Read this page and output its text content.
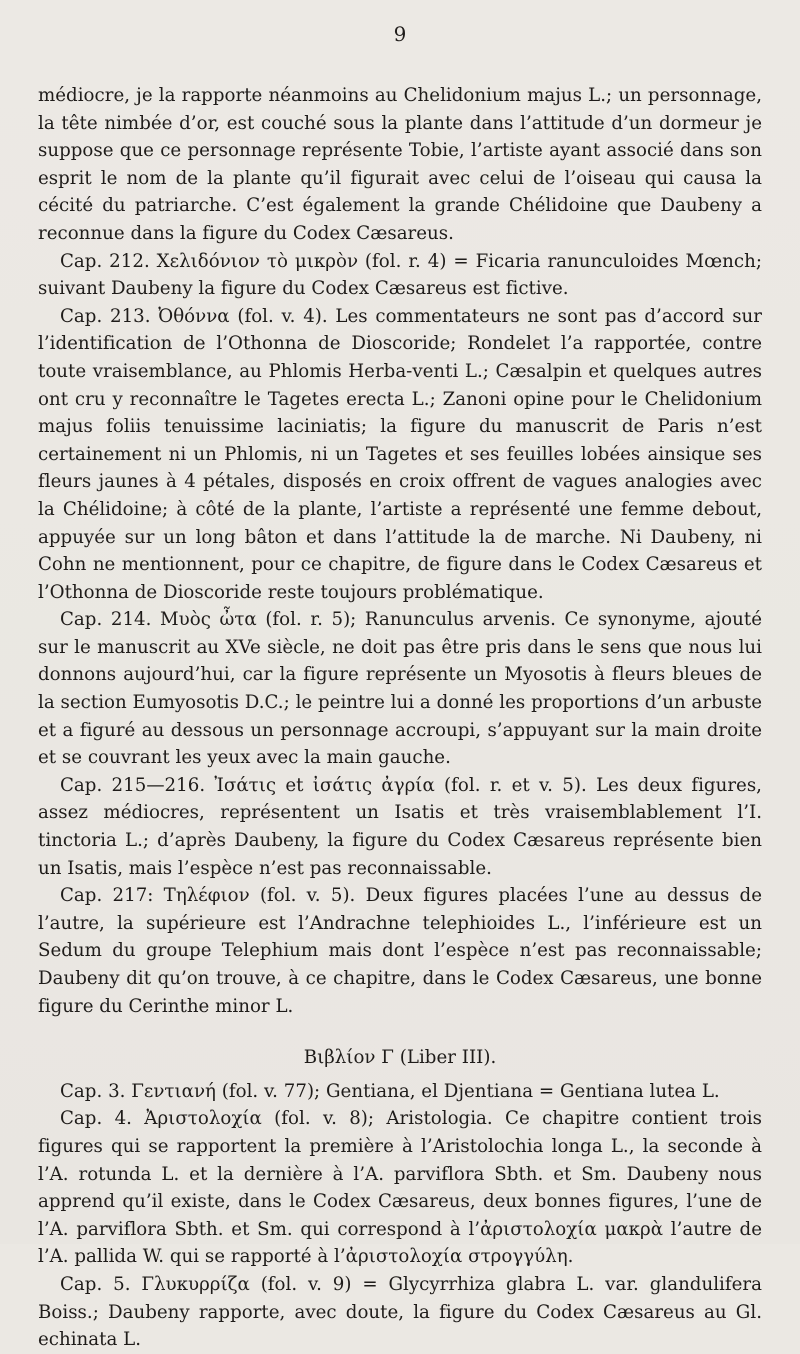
9

médiocre, je la rapporte néanmoins au Chelidonium majus L.; un personnage, la tête nimbée d’or, est couché sous la plante dans l’attitude d’un dormeur je suppose que ce personnage représente Tobie, l’artiste ayant associé dans son esprit le nom de la plante qu’il figurait avec celui de l’oiseau qui causa la cécité du patriarche. C’est également la grande Chélidoine que Daubeny a reconnue dans la figure du Codex Cæsareus.

Cap. 212. Χελιδόνιον τὸ μικρὸν (fol. r. 4) = Ficaria ranunculoides Mœnch; suivant Daubeny la figure du Codex Cæsareus est fictive.

Cap. 213. Ὀθόννα (fol. v. 4). Les commentateurs ne sont pas d’accord sur l’identification de l’Othonna de Dioscoride; Rondelet l’a rapportée, contre toute vraisemblance, au Phlomis Herba-venti L.; Cæsalpin et quelques autres ont cru y reconnaître le Tagetes erecta L.; Zanoni opine pour le Chelidonium majus foliis tenuissime laciniatis; la figure du manuscrit de Paris n’est certainement ni un Phlomis, ni un Tagetes et ses feuilles lobées ainsique ses fleurs jaunes à 4 pétales, disposés en croix offrent de vagues analogies avec la Chélidoine; à côté de la plante, l’artiste a représenté une femme debout, appuyée sur un long bâton et dans l’attitude la de marche. Ni Daubeny, ni Cohn ne mentionnent, pour ce chapitre, de figure dans le Codex Cæsareus et l’Othonna de Dioscoride reste toujours problématique.

Cap. 214. Μυὸς ὦτα (fol. r. 5); Ranunculus arvenis. Ce synonyme, ajouté sur le manuscrit au XVe siècle, ne doit pas être pris dans le sens que nous lui donnons aujourd’hui, car la figure représente un Myosotis à fleurs bleues de la section Eumyosotis D.C.; le peintre lui a donné les proportions d’un arbuste et a figuré au dessous un personnage accroupi, s’appuyant sur la main droite et se couvrant les yeux avec la main gauche.

Cap. 215—216. Ἰσάτις et ἰσάτις ἀγρία (fol. r. et v. 5). Les deux figures, assez médiocres, représentent un Isatis et très vraisemblablement l’I. tinctoria L.; d’après Daubeny, la figure du Codex Cæsareus représente bien un Isatis, mais l’espèce n’est pas reconnaissable.

Cap. 217: Τηλέφιον (fol. v. 5). Deux figures placées l’une au dessus de l’autre, la supérieure est l’Andrachne telephioides L., l’inférieure est un Sedum du groupe Telephium mais dont l’espèce n’est pas reconnaissable; Daubeny dit qu’on trouve, à ce chapitre, dans le Codex Cæsareus, une bonne figure du Cerinthe minor L.

Βιβλίον Γ (Liber III).

Cap. 3. Γεντιανή (fol. v. 77); Gentiana, el Djentiana = Gentiana lutea L.

Cap. 4. Ἀριστολοχία (fol. v. 8); Aristologia. Ce chapitre contient trois figures qui se rapportent la première à l’Aristolochia longa L., la seconde à l’A. rotunda L. et la dernière à l’A. parviflora Sbth. et Sm. Daubeny nous apprend qu’il existe, dans le Codex Cæsareus, deux bonnes figures, l’une de l’A. parviflora Sbth. et Sm. qui correspond à l’ἀριστολοχία μακρὰ l’autre de l’A. pallida W. qui se rapporté à l’ἀριστολοχία στρογγύλη.

Cap. 5. Γλυκυρρίζα (fol. v. 9) = Glycyrrhiza glabra L. var. glandulifera Boiss.; Daubeny rapporte, avec doute, la figure du Codex Cæsareus au Gl. echinata L.
